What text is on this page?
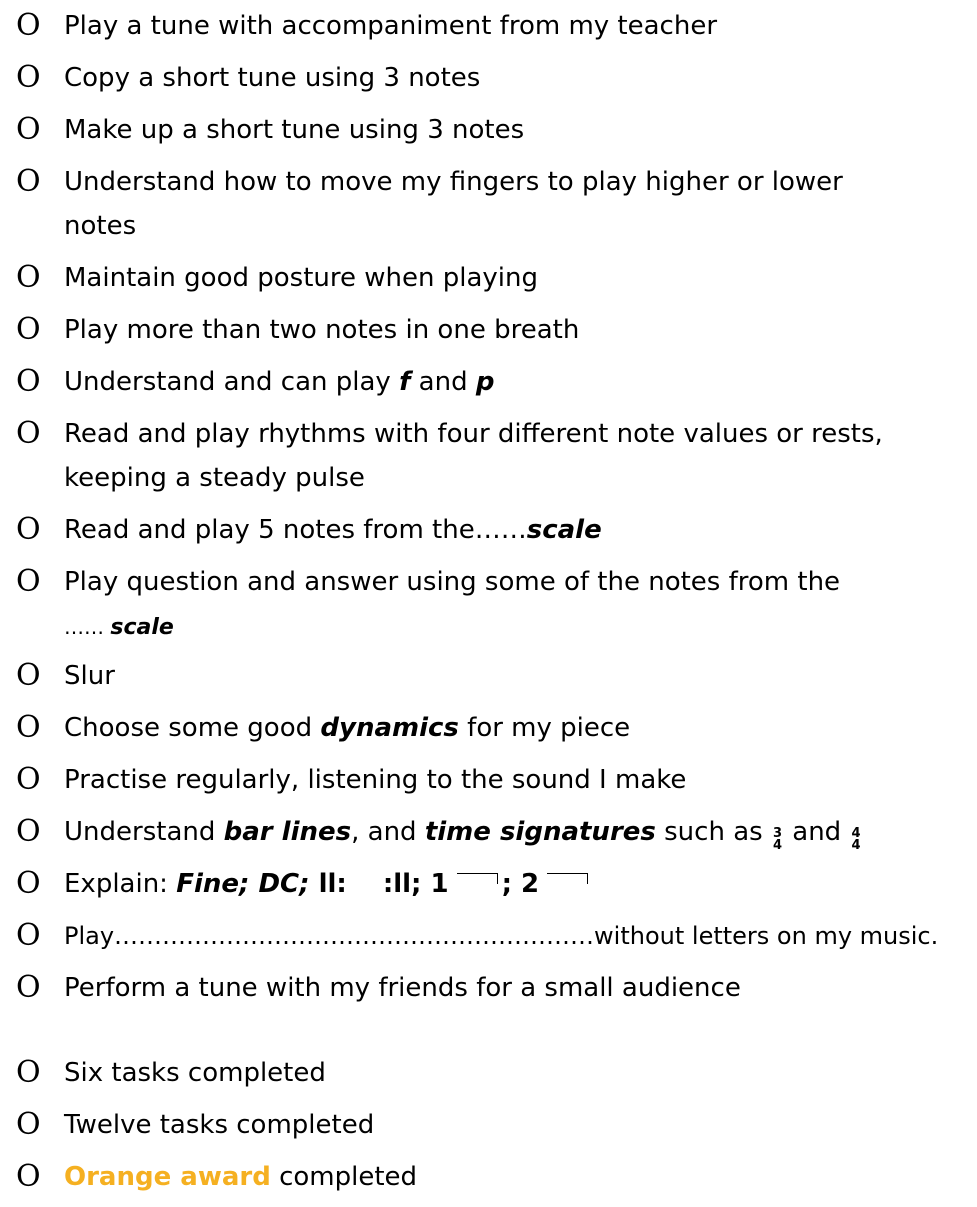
O Play a tune with accompaniment from my teacher
O Copy a short tune using 3 notes
O Make up a short tune using 3 notes
O Understand how to move my fingers to play higher or lower
notes
O Maintain good posture when playing
O Play more than two notes in one breath
O Understand and can play f and p
O Read and play rhythms with four different note values or rests,
keeping a steady pulse
O Read and play 5 notes from the……scale
O Play question and answer using some of the notes from the
…… scale
O Slur
O Choose some good dynamics for my piece
O Practise regularly, listening to the sound I make
O Understand bar lines, and time signatures such as 3
4 and 4
4
O Explain: Fine; DC; ll: :ll; 1 ; 2
O Play……………………………………………………without letters on my music.
O Perform a tune with my friends for a small audience
O Six tasks completed
O Twelve tasks completed
O Orange award completed
